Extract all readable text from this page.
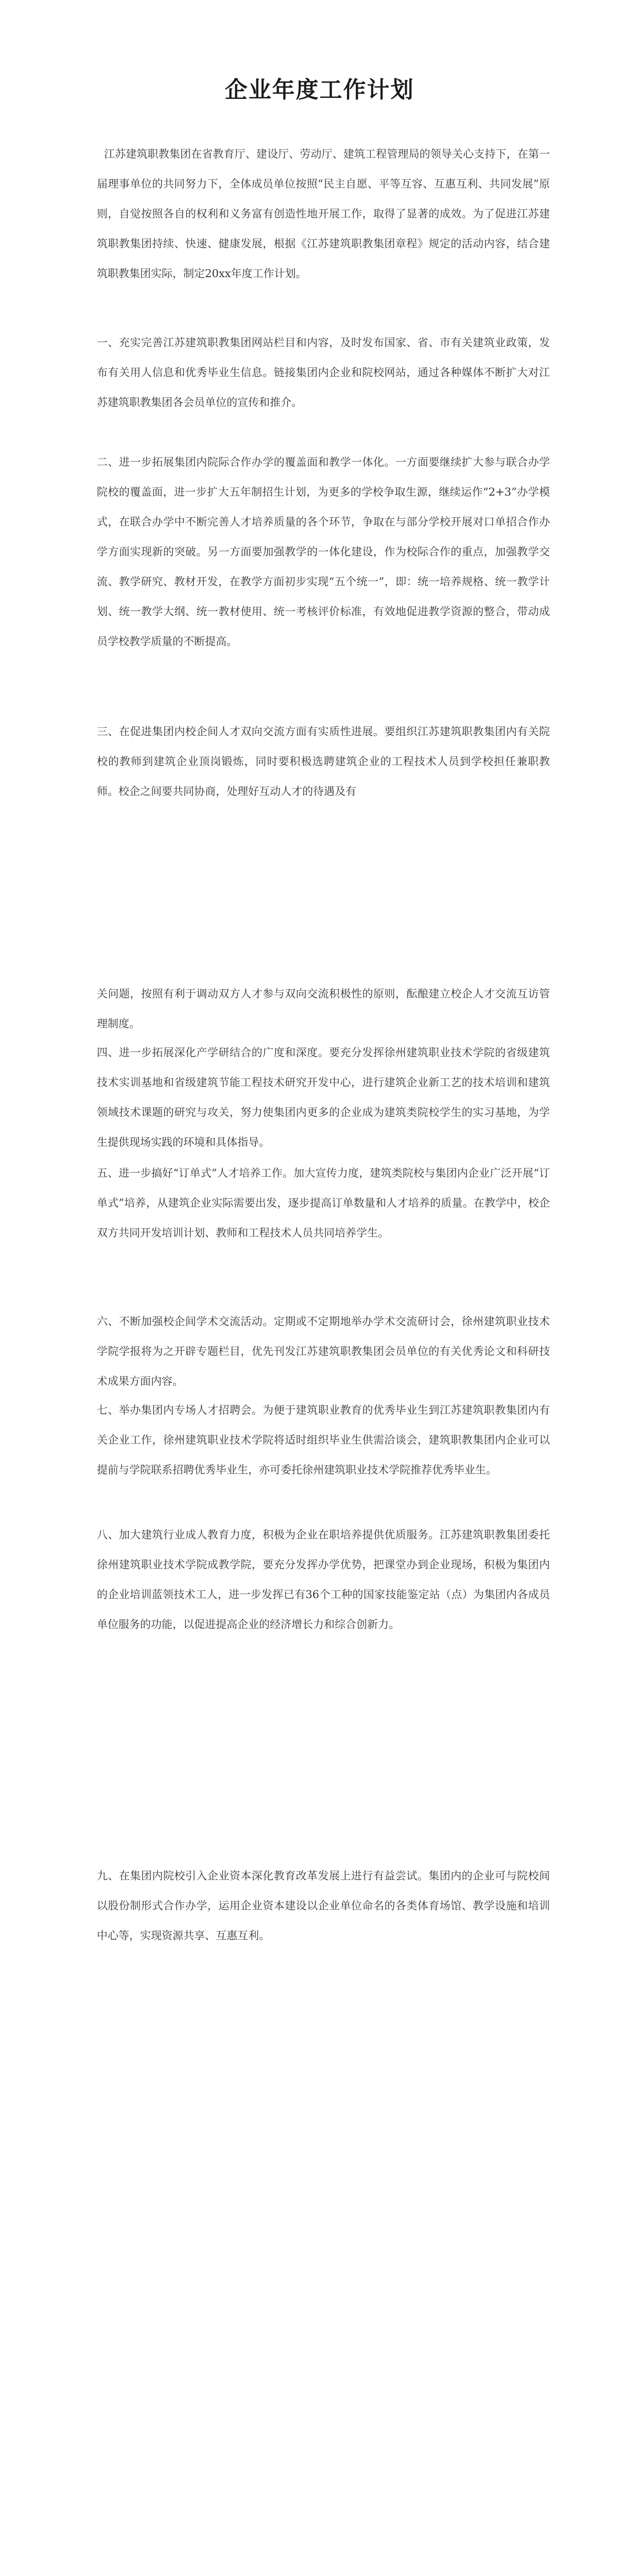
企业年度工作计划

江苏建筑职教集团在省教育厅、建设厅、劳动厅、建筑工程管理局的领导关心支持下，在第一届理事单位的共同努力下，全体成员单位按照“民主自愿、平等互容、互惠互利、共同发展”原则，自觉按照各自的权利和义务富有创造性地开展工作，取得了显著的成效。为了促进江苏建筑职教集团持续、快速、健康发展，根据《江苏建筑职教集团章程》规定的活动内容，结合建筑职教集团实际，制定20xx年度工作计划。

一、充实完善江苏建筑职教集团网站栏目和内容，及时发布国家、省、市有关建筑业政策，发布有关用人信息和优秀毕业生信息。链接集团内企业和院校网站，通过各种媒体不断扩大对江苏建筑职教集团各会员单位的宣传和推介。

二、进一步拓展集团内院际合作办学的覆盖面和教学一体化。一方面要继续扩大参与联合办学院校的覆盖面，进一步扩大五年制招生计划，为更多的学校争取生源，继续运作“2+3”办学模式，在联合办学中不断完善人才培养质量的各个环节，争取在与部分学校开展对口单招合作办学方面实现新的突破。另一方面要加强教学的一体化建设，作为校际合作的重点，加强教学交流、教学研究、教材开发，在教学方面初步实现“五个统一”，即：统一培养规格、统一教学计划、统一教学大纲、统一教材使用、统一考核评价标准，有效地促进教学资源的整合，带动成员学校教学质量的不断提高。

三、在促进集团内校企间人才双向交流方面有实质性进展。要组织江苏建筑职教集团内有关院校的教师到建筑企业顶岗锻炼，同时要积极选聘建筑企业的工程技术人员到学校担任兼职教师。校企之间要共同协商，处理好互动人才的待遇及有

关问题，按照有利于调动双方人才参与双向交流积极性的原则，酝酿建立校企人才交流互访管理制度。

四、进一步拓展深化产学研结合的广度和深度。要充分发挥徐州建筑职业技术学院的省级建筑技术实训基地和省级建筑节能工程技术研究开发中心，进行建筑企业新工艺的技术培训和建筑领域技术课题的研究与攻关，努力使集团内更多的企业成为建筑类院校学生的实习基地，为学生提供现场实践的环境和具体指导。

五、进一步搞好“订单式”人才培养工作。加大宣传力度，建筑类院校与集团内企业广泛开展“订单式”培养，从建筑企业实际需要出发，逐步提高订单数量和人才培养的质量。在教学中，校企双方共同开发培训计划、教师和工程技术人员共同培养学生。

六、不断加强校企间学术交流活动。定期或不定期地举办学术交流研讨会，徐州建筑职业技术学院学报将为之开辟专题栏目，优先刊发江苏建筑职教集团会员单位的有关优秀论文和科研技术成果方面内容。

七、举办集团内专场人才招聘会。为便于建筑职业教育的优秀毕业生到江苏建筑职教集团内有关企业工作，徐州建筑职业技术学院将适时组织毕业生供需洽谈会，建筑职教集团内企业可以提前与学院联系招聘优秀毕业生，亦可委托徐州建筑职业技术学院推荐优秀毕业生。

八、加大建筑行业成人教育力度，积极为企业在职培养提供优质服务。江苏建筑职教集团委托徐州建筑职业技术学院成教学院，要充分发挥办学优势，把课堂办到企业现场，积极为集团内的企业培训蓝领技术工人，进一步发挥已有36个工种的国家技能鉴定站（点）为集团内各成员单位服务的功能，以促进提高企业的经济增长力和综合创新力。

九、在集团内院校引入企业资本深化教育改革发展上进行有益尝试。集团内的企业可与院校间以股份制形式合作办学，运用企业资本建设以企业单位命名的各类体育场馆、教学设施和培训中心等，实现资源共享、互惠互利。
